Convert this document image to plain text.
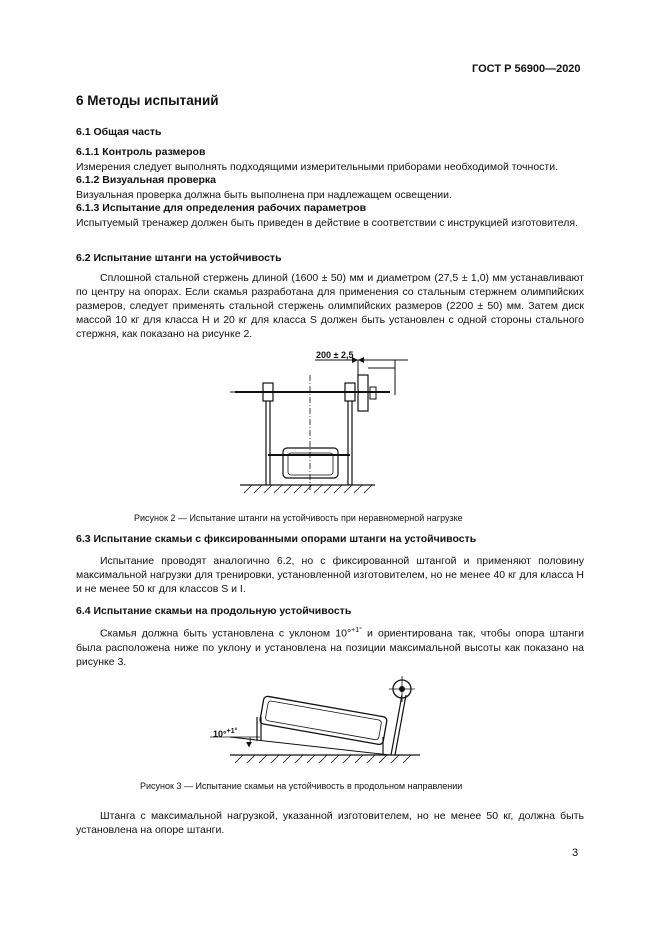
ГОСТ Р 56900—2020
6 Методы испытаний
6.1 Общая часть
6.1.1 Контроль размеров
Измерения следует выполнять подходящими измерительными приборами необходимой точности.
6.1.2 Визуальная проверка
Визуальная проверка должна быть выполнена при надлежащем освещении.
6.1.3 Испытание для определения рабочих параметров
Испытуемый тренажер должен быть приведен в действие в соответствии с инструкцией изготовителя.
6.2 Испытание штанги на устойчивость
Сплошной стальной стержень длиной (1600 ± 50) мм и диаметром (27,5 ± 1,0) мм устанавливают по центру на опорах. Если скамья разработана для применения со стальным стержнем олимпийских размеров, следует применять стальной стержень олимпийских размеров (2200 ± 50) мм. Затем диск массой 10 кг для класса Н и 20 кг для класса S должен быть установлен с одной стороны стального стержня, как показано на рисунке 2.
200 ± 2,5
Рисунок 2 — Испытание штанги на устойчивость при неравномерной нагрузке
6.3 Испытание скамьи с фиксированными опорами штанги на устойчивость
Испытание проводят аналогично 6.2, но с фиксированной штангой и применяют половину максимальной нагрузки для тренировки, установленной изготовителем, но не менее 40 кг для класса Н и не менее 50 кг для классов S и I.
6.4 Испытание скамьи на продольную устойчивость
Скамья должна быть установлена с уклоном 10°$^{+1^\circ}$ и ориентирована так, чтобы опора штанги была расположена ниже по уклону и установлена на позиции максимальной высоты как показано на рисунке 3.
10°$^{+1^\circ}$
Рисунок 3 — Испытание скамьи на устойчивость в продольном направлении
Штанга с максимальной нагрузкой, указанной изготовителем, но не менее 50 кг, должна быть установлена на опоре штанги.
3
